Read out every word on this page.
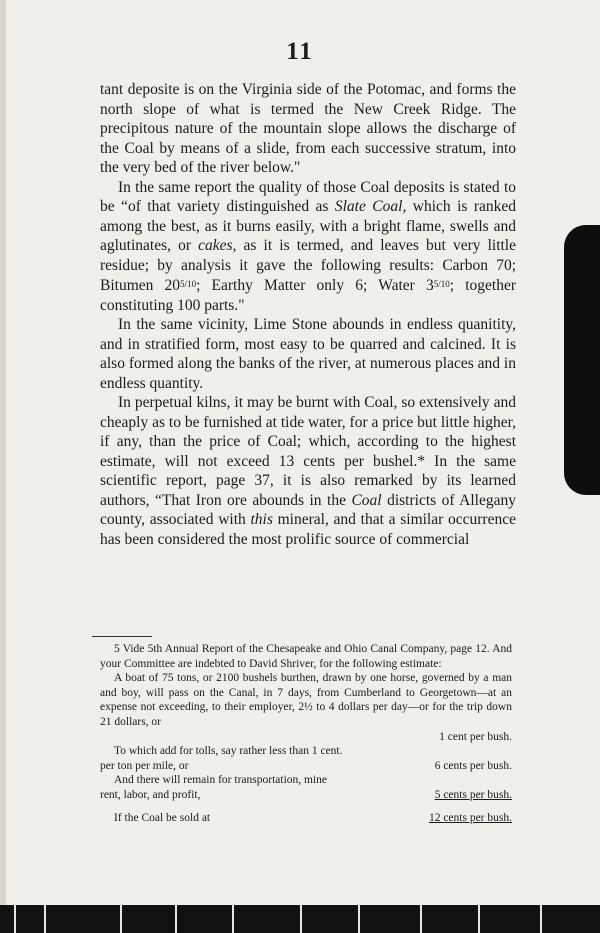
11

tant deposite is on the Virginia side of the Potomac, and forms the north slope of what is termed the New Creek Ridge. The precipitous nature of the mountain slope allows the discharge of the Coal by means of a slide, from each successive stratum, into the very bed of the river below."

In the same report the quality of those Coal deposits is stated to be “of that variety distinguished as Slate Coal, which is ranked among the best, as it burns easily, with a bright flame, swells and aglutinates, or cakes, as it is termed, and leaves but very little residue; by analysis it gave the following results: Carbon 70; Bitumen 205/10; Earthy Matter only 6; Water 35/10; together constituting 100 parts."

In the same vicinity, Lime Stone abounds in endless quanitity, and in stratified form, most easy to be quarred and calcined. It is also formed along the banks of the river, at numerous places and in endless quantity.

In perpetual kilns, it may be burnt with Coal, so extensively and cheaply as to be furnished at tide water, for a price but little higher, if any, than the price of Coal; which, according to the highest estimate, will not exceed 13 cents per bushel.* In the same scientific report, page 37, it is also remarked by its learned authors, “That Iron ore abounds in the Coal districts of Allegany county, associated with this mineral, and that a similar occurrence has been considered the most prolific source of commercial

5 Vide 5th Annual Report of the Chesapeake and Ohio Canal Company, page 12. And your Committee are indebted to David Shriver, for the following estimate:

A boat of 75 tons, or 2100 bushels burthen, drawn by one horse, governed by a man and boy, will pass on the Canal, in 7 days, from Cumberland to Georgetown—at an expense not exceeding, to their employer, 2½ to 4 dollars per day—or for the trip down 21 dollars, or

1 cent per bush.

To which add for tolls, say rather less than 1 cent.

per ton per mile, or	6 cents per bush.

And there will remain for transportation, mine

rent, labor, and profit,	5 cents per bush.
If the Coal be sold at	12 cents per bush.
